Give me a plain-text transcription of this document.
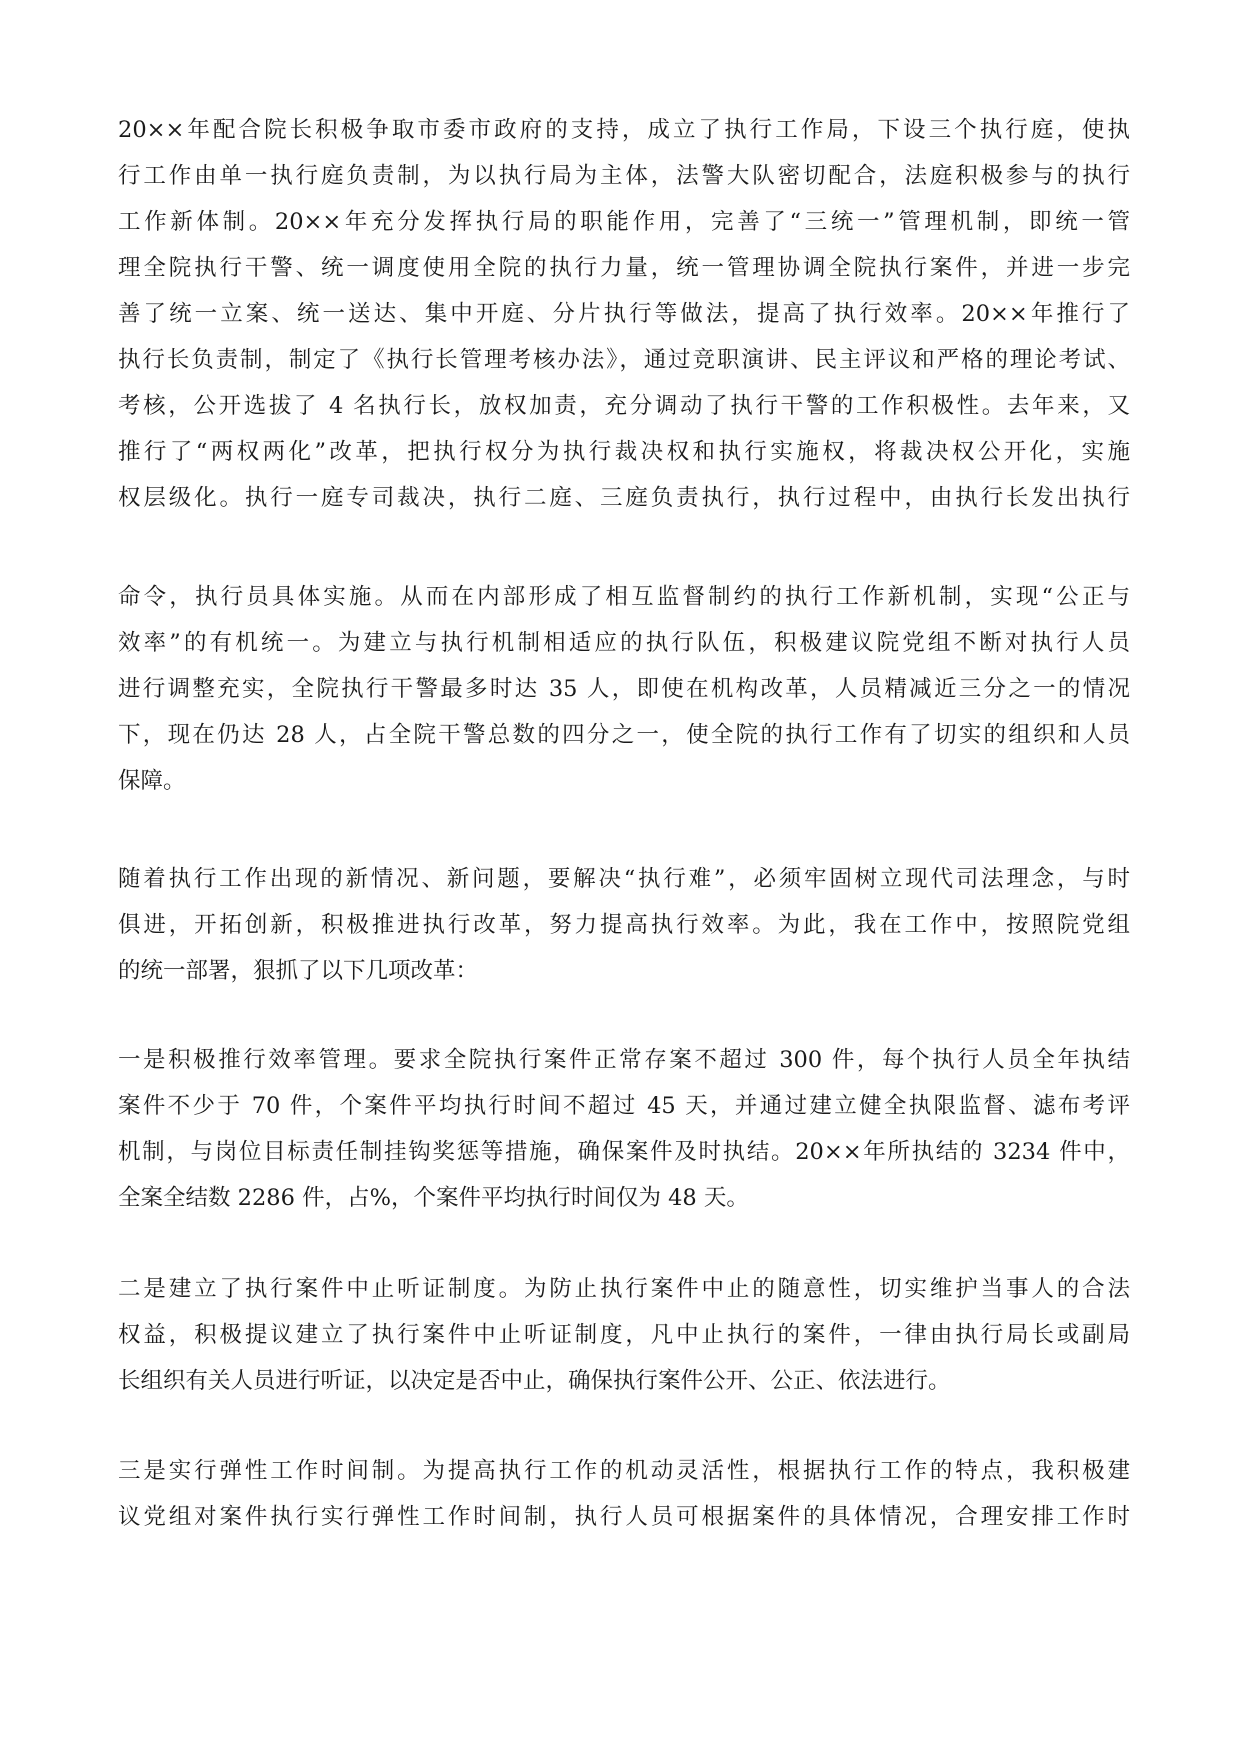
20××年配合院长积极争取市委市政府的支持，成立了执行工作局，下设三个执行庭，使执
行工作由单一执行庭负责制，为以执行局为主体，法警大队密切配合，法庭积极参与的执行
工作新体制。20××年充分发挥执行局的职能作用，完善了“三统一”管理机制，即统一管
理全院执行干警、统一调度使用全院的执行力量，统一管理协调全院执行案件，并进一步完
善了统一立案、统一送达、集中开庭、分片执行等做法，提高了执行效率。20××年推行了
执行长负责制，制定了《执行长管理考核办法》，通过竞职演讲、民主评议和严格的理论考试、
考核，公开选拔了 4 名执行长，放权加责，充分调动了执行干警的工作积极性。去年来，又
推行了“两权两化”改革，把执行权分为执行裁决权和执行实施权，将裁决权公开化，实施
权层级化。执行一庭专司裁决，执行二庭、三庭负责执行，执行过程中，由执行长发出执行
命令，执行员具体实施。从而在内部形成了相互监督制约的执行工作新机制，实现“公正与
效率”的有机统一。为建立与执行机制相适应的执行队伍，积极建议院党组不断对执行人员
进行调整充实，全院执行干警最多时达 35 人，即使在机构改革，人员精减近三分之一的情况
下，现在仍达 28 人，占全院干警总数的四分之一，使全院的执行工作有了切实的组织和人员
保障。
随着执行工作出现的新情况、新问题，要解决“执行难”，必须牢固树立现代司法理念，与时
俱进，开拓创新，积极推进执行改革，努力提高执行效率。为此，我在工作中，按照院党组
的统一部署，狠抓了以下几项改革：
一是积极推行效率管理。要求全院执行案件正常存案不超过 300 件，每个执行人员全年执结
案件不少于 70 件，个案件平均执行时间不超过 45 天，并通过建立健全执限监督、滤布考评
机制，与岗位目标责任制挂钩奖惩等措施，确保案件及时执结。20××年所执结的 3234 件中，
全案全结数 2286 件，占%，个案件平均执行时间仅为 48 天。
二是建立了执行案件中止听证制度。为防止执行案件中止的随意性，切实维护当事人的合法
权益，积极提议建立了执行案件中止听证制度，凡中止执行的案件，一律由执行局长或副局
长组织有关人员进行听证，以决定是否中止，确保执行案件公开、公正、依法进行。
三是实行弹性工作时间制。为提高执行工作的机动灵活性，根据执行工作的特点，我积极建
议党组对案件执行实行弹性工作时间制，执行人员可根据案件的具体情况，合理安排工作时
